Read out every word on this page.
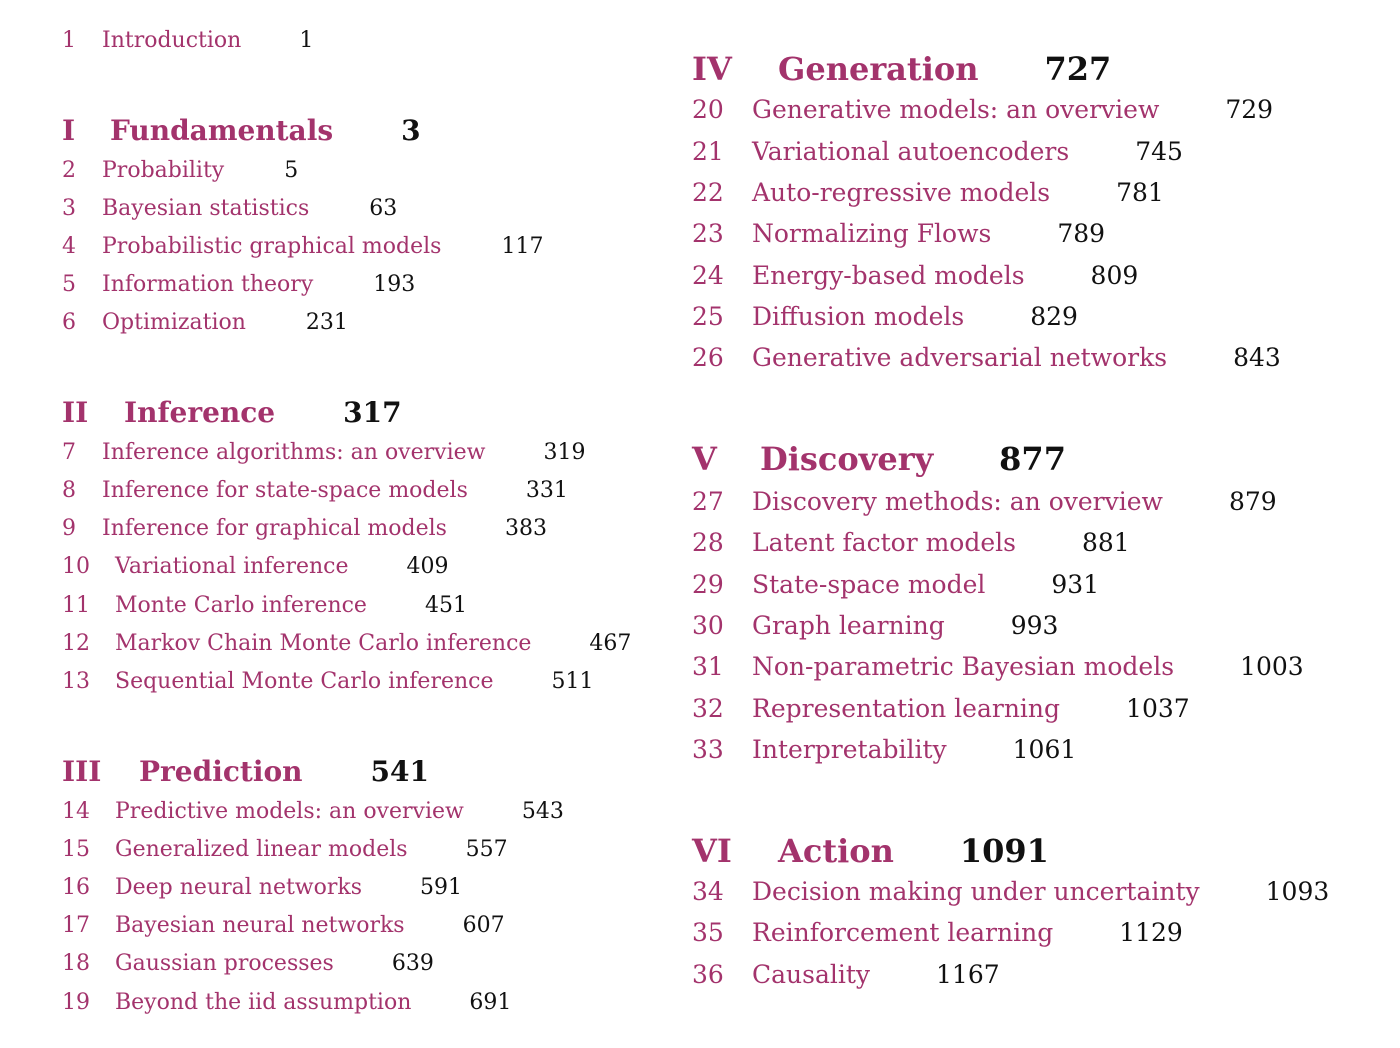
1	Introduction	1
I	Fundamentals 3
2	Probability	5
3	Bayesian statistics	63
4	Probabilistic graphical models	117
5	Information theory	193
6	Optimization	231
II	Inference 317
7	Inference algorithms: an overview	319
8	Inference for state-space models	331
9	Inference for graphical models	383
10	Variational inference	409
11	Monte Carlo inference	451
12	Markov Chain Monte Carlo inference	467
13	Sequential Monte Carlo inference	511
III	Prediction 541
14	Predictive models: an overview	543
15	Generalized linear models	557
16	Deep neural networks	591
17	Bayesian neural networks	607
18	Gaussian processes	639
19	Beyond the iid assumption	691
IV	Generation 727
20	Generative models: an overview	729
21	Variational autoencoders	745
22	Auto-regressive models	781
23	Normalizing Flows	789
24	Energy-based models	809
25	Diffusion models	829
26	Generative adversarial networks	843
V	Discovery 877
27	Discovery methods: an overview	879
28	Latent factor models	881
29	State-space model	931
30	Graph learning	993
31	Non-parametric Bayesian models	1003
32	Representation learning	1037
33	Interpretability	1061
VI	Action 1091
34	Decision making under uncertainty	1093
35	Reinforcement learning	1129
36	Causality	1167
